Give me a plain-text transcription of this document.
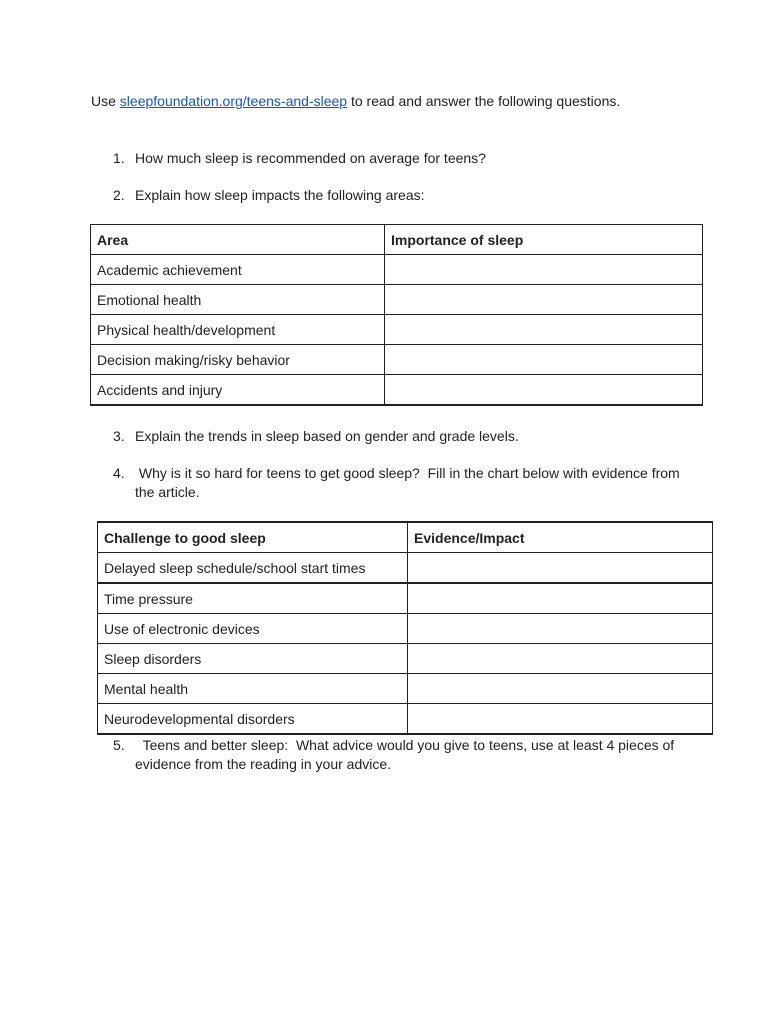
Use sleepfoundation.org/teens-and-sleep to read and answer the following questions.
1. How much sleep is recommended on average for teens?
2. Explain how sleep impacts the following areas:
Area	Importance of sleep
Academic achievement	
Emotional health	
Physical health/development	
Decision making/risky behavior	
Accidents and injury	
3. Explain the trends in sleep based on gender and grade levels.
4. Why is it so hard for teens to get good sleep?  Fill in the chart below with evidence from
the article.
Challenge to good sleep	Evidence/Impact
Delayed sleep schedule/school start times	
Time pressure	
Use of electronic devices	
Sleep disorders	
Mental health	
Neurodevelopmental disorders	
5. Teens and better sleep:  What advice would you give to teens, use at least 4 pieces of
evidence from the reading in your advice.
